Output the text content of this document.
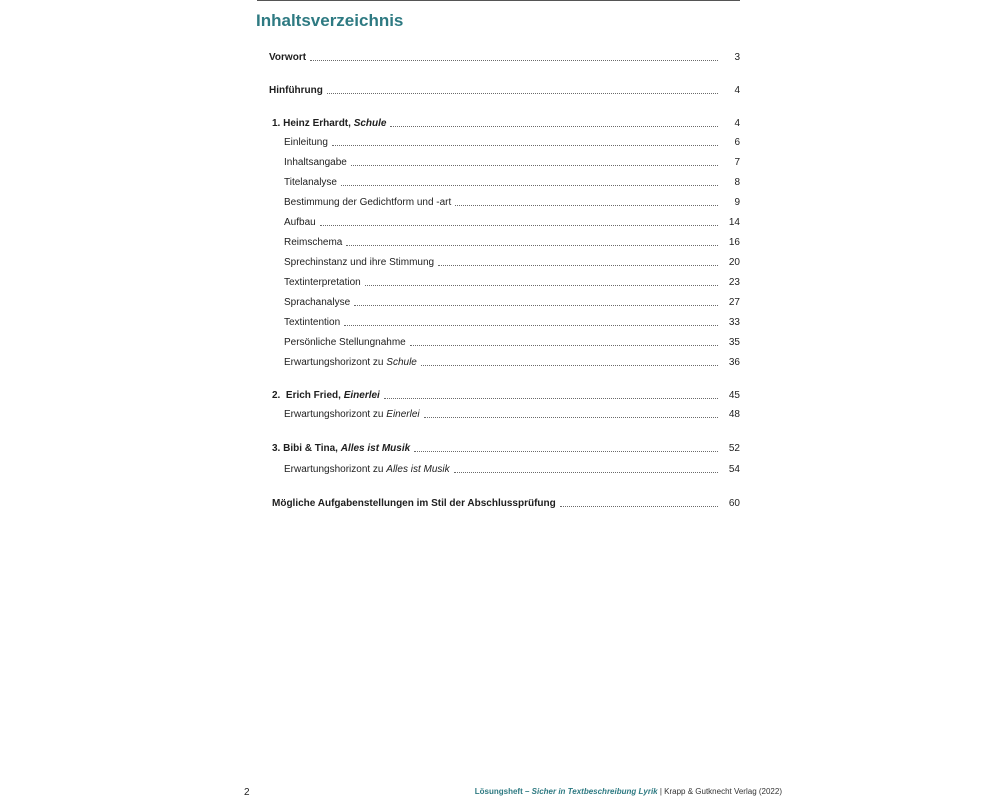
Inhaltsverzeichnis
Vorwort	3
Hinführung	4
1. Heinz Erhardt, Schule	4
Einleitung	6
Inhaltsangabe	7
Titelanalyse	8
Bestimmung der Gedichtform und -art	9
Aufbau	14
Reimschema	16
Sprechinstanz und ihre Stimmung	20
Textinterpretation	23
Sprachanalyse	27
Textintention	33
Persönliche Stellungnahme	35
Erwartungshorizont zu Schule	36
2.  Erich Fried, Einerlei	45
Erwartungshorizont zu Einerlei	48
3. Bibi & Tina, Alles ist Musik	52
Erwartungshorizont zu Alles ist Musik	54
Mögliche Aufgabenstellungen im Stil der Abschlussprüfung	60
2	Lösungsheft – Sicher in Textbeschreibung Lyrik | Krapp & Gutknecht Verlag (2022)
